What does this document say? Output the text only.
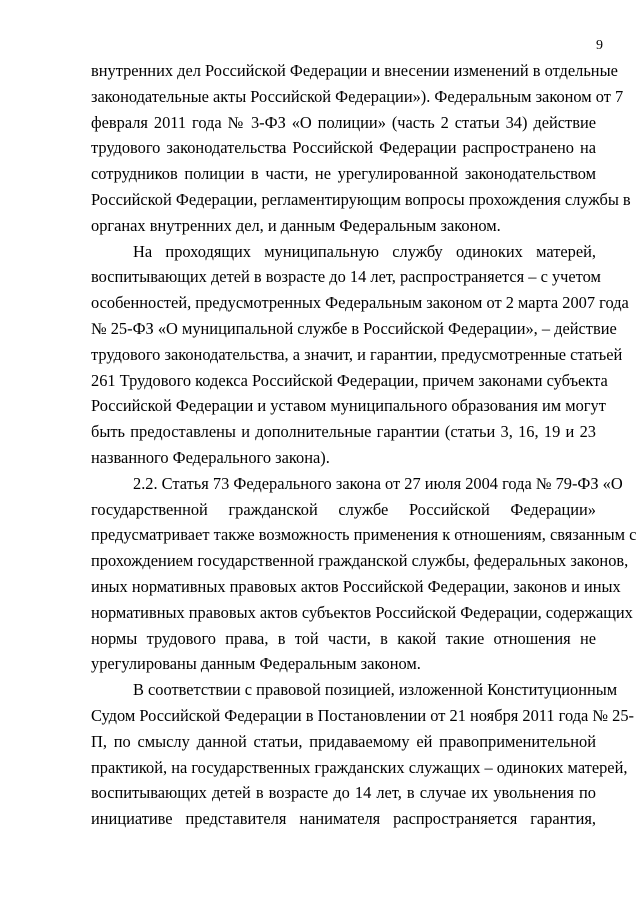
9
внутренних дел Российской Федерации и внесении изменений в отдельные
законодательные акты Российской Федерации»). Федеральным законом от 7
февраля 2011 года № 3-ФЗ «О полиции» (часть 2 статьи 34) действие
трудового законодательства Российской Федерации распространено на
сотрудников полиции в части, не урегулированной законодательством
Российской Федерации, регламентирующим вопросы прохождения службы в
органах внутренних дел, и данным Федеральным законом.
На проходящих муниципальную службу одиноких матерей,
воспитывающих детей в возрасте до 14 лет, распространяется – с учетом
особенностей, предусмотренных Федеральным законом от 2 марта 2007 года
№ 25-ФЗ «О муниципальной службе в Российской Федерации», – действие
трудового законодательства, а значит, и гарантии, предусмотренные статьей
261 Трудового кодекса Российской Федерации, причем законами субъекта
Российской Федерации и уставом муниципального образования им могут
быть предоставлены и дополнительные гарантии (статьи 3, 16, 19 и 23
названного Федерального закона).
2.2. Статья 73 Федерального закона от 27 июля 2004 года № 79-ФЗ «О
государственной гражданской службе Российской Федерации»
предусматривает также возможность применения к отношениям, связанным с
прохождением государственной гражданской службы, федеральных законов,
иных нормативных правовых актов Российской Федерации, законов и иных
нормативных правовых актов субъектов Российской Федерации, содержащих
нормы трудового права, в той части, в какой такие отношения не
урегулированы данным Федеральным законом.
В соответствии с правовой позицией, изложенной Конституционным
Судом Российской Федерации в Постановлении от 21 ноября 2011 года № 25-
П, по смыслу данной статьи, придаваемому ей правоприменительной
практикой, на государственных гражданских служащих – одиноких матерей,
воспитывающих детей в возрасте до 14 лет, в случае их увольнения по
инициативе представителя нанимателя распространяется гарантия,
